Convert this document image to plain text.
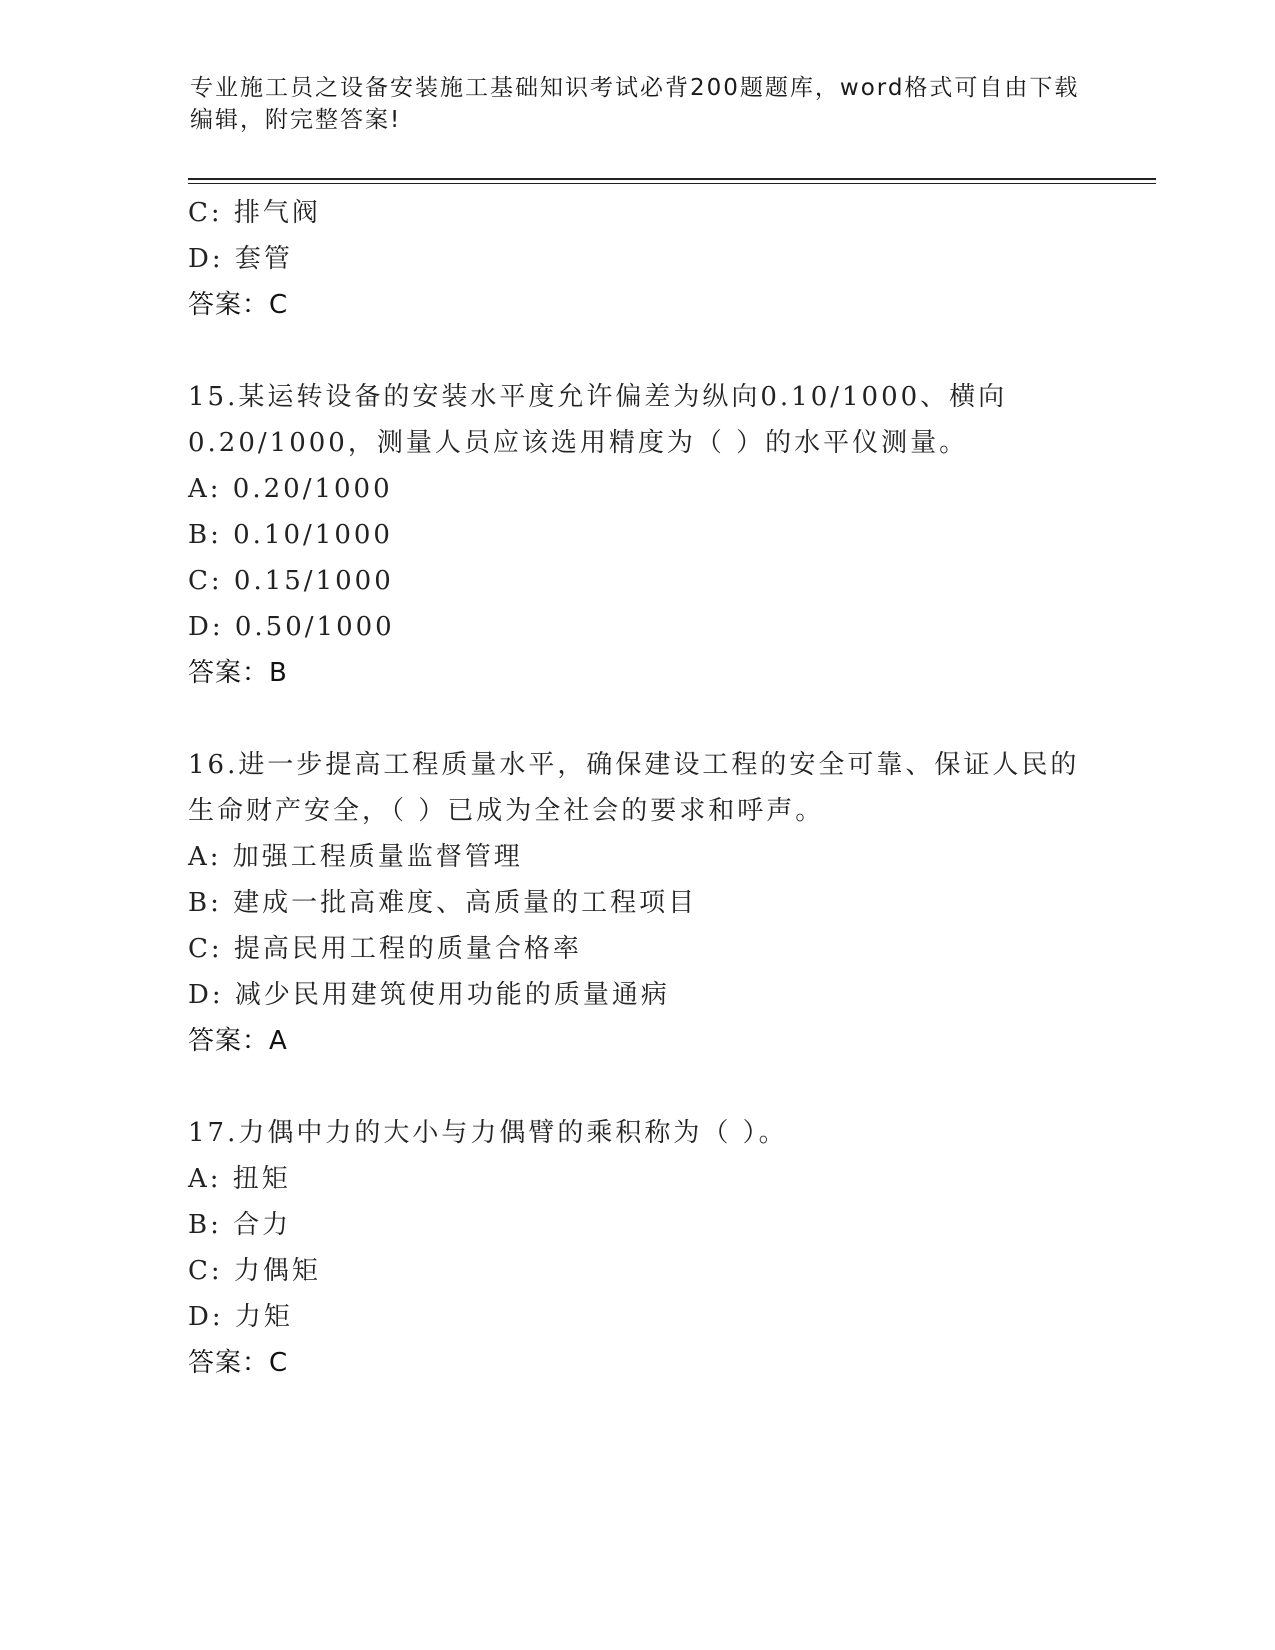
专业施工员之设备安装施工基础知识考试必背200题题库，word格式可自由下载
编辑，附完整答案!
C: 排气阀
D: 套管
答案：C
15.某运转设备的安装水平度允许偏差为纵向0.10/1000、横向
0.20/1000，测量人员应该选用精度为（ ）的水平仪测量。
A: 0.20/1000
B: 0.10/1000
C: 0.15/1000
D: 0.50/1000
答案：B
16.进一步提高工程质量水平，确保建设工程的安全可靠、保证人民的
生命财产安全，（ ）已成为全社会的要求和呼声。
A: 加强工程质量监督管理
B: 建成一批高难度、高质量的工程项目
C: 提高民用工程的质量合格率
D: 减少民用建筑使用功能的质量通病
答案：A
17.力偶中力的大小与力偶臂的乘积称为（ ）。
A: 扭矩
B: 合力
C: 力偶矩
D: 力矩
答案：C
